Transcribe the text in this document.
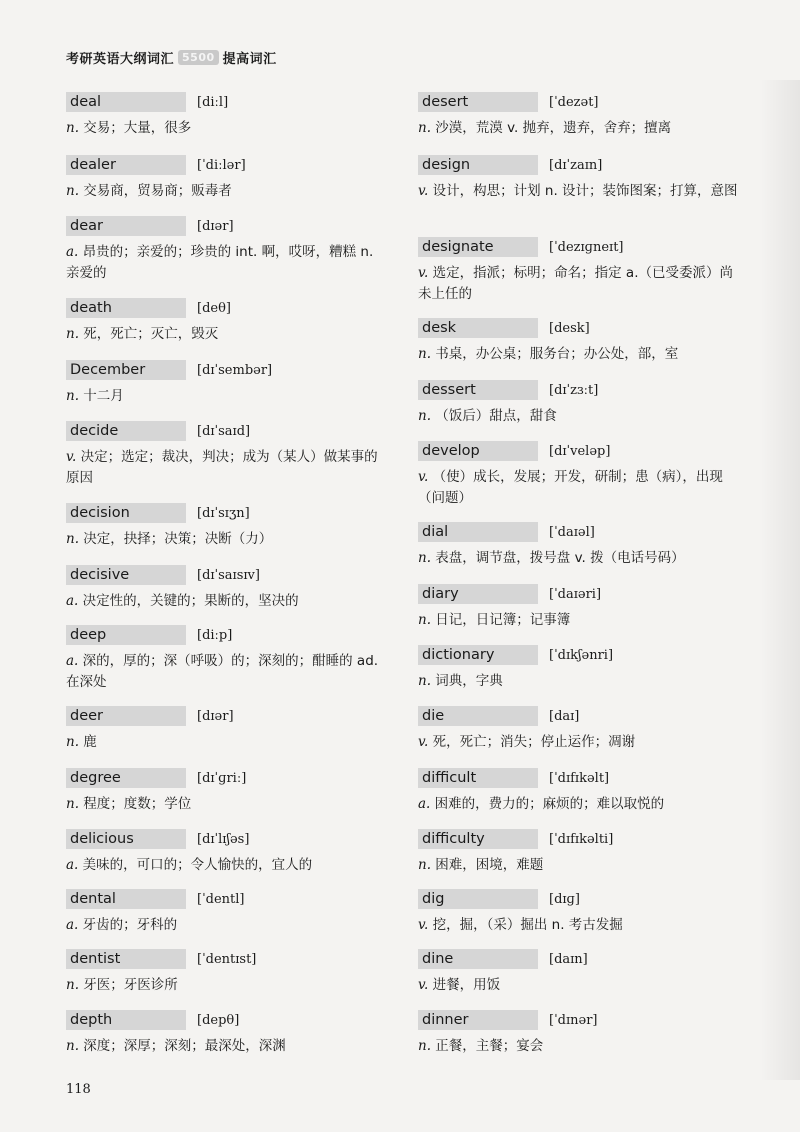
考研英语大纲词汇 5500 提高词汇
deal	[diːl]
n. 交易；大量，很多
dealer	[ˈdiːlər]
n. 交易商，贸易商；贩毒者
dear	[dɪər]
a. 昂贵的；亲爱的；珍贵的 int. 啊，哎呀，糟糕 n. 亲爱的
death	[deθ]
n. 死，死亡；灭亡，毁灭
December	[dɪˈsembər]
n. 十二月
decide	[dɪˈsaɪd]
v. 决定；选定；裁决，判决；成为（某人）做某事的原因
decision	[dɪˈsɪʒn]
n. 决定，抉择；决策；决断（力）
decisive	[dɪˈsaɪsɪv]
a. 决定性的，关键的；果断的，坚决的
deep	[diːp]
a. 深的，厚的；深（呼吸）的；深刻的；酣睡的 ad. 在深处
deer	[dɪər]
n. 鹿
degree	[dɪˈɡriː]
n. 程度；度数；学位
delicious	[dɪˈlɪʃəs]
a. 美味的，可口的；令人愉快的，宜人的
dental	[ˈdentl]
a. 牙齿的；牙科的
dentist	[ˈdentɪst]
n. 牙医；牙医诊所
depth	[depθ]
n. 深度；深厚；深刻；最深处，深渊
desert	[ˈdezət]
n. 沙漠，荒漠 v. 抛弃，遗弃，舍弃；擅离
design	[dɪˈzaɪn]
v. 设计，构思；计划 n. 设计；装饰图案；打算，意图
designate	[ˈdezɪɡneɪt]
v. 选定，指派；标明；命名；指定 a.（已受委派）尚未上任的
desk	[desk]
n. 书桌，办公桌；服务台；办公处，部，室
dessert	[dɪˈzɜːt]
n. （饭后）甜点，甜食
develop	[dɪˈveləp]
v. （使）成长，发展；开发，研制；患（病），出现（问题）
dial	[ˈdaɪəl]
n. 表盘，调节盘，拨号盘 v. 拨（电话号码）
diary	[ˈdaɪəri]
n. 日记，日记簿；记事簿
dictionary	[ˈdɪkʃənri]
n. 词典，字典
die	[daɪ]
v. 死，死亡；消失；停止运作；凋谢
difficult	[ˈdɪfɪkəlt]
a. 困难的，费力的；麻烦的；难以取悦的
difficulty	[ˈdɪfɪkəlti]
n. 困难，困境，难题
dig	[dɪɡ]
v. 挖，掘，（采）掘出 n. 考古发掘
dine	[daɪn]
v. 进餐，用饭
dinner	[ˈdɪnər]
n. 正餐，主餐；宴会
118
